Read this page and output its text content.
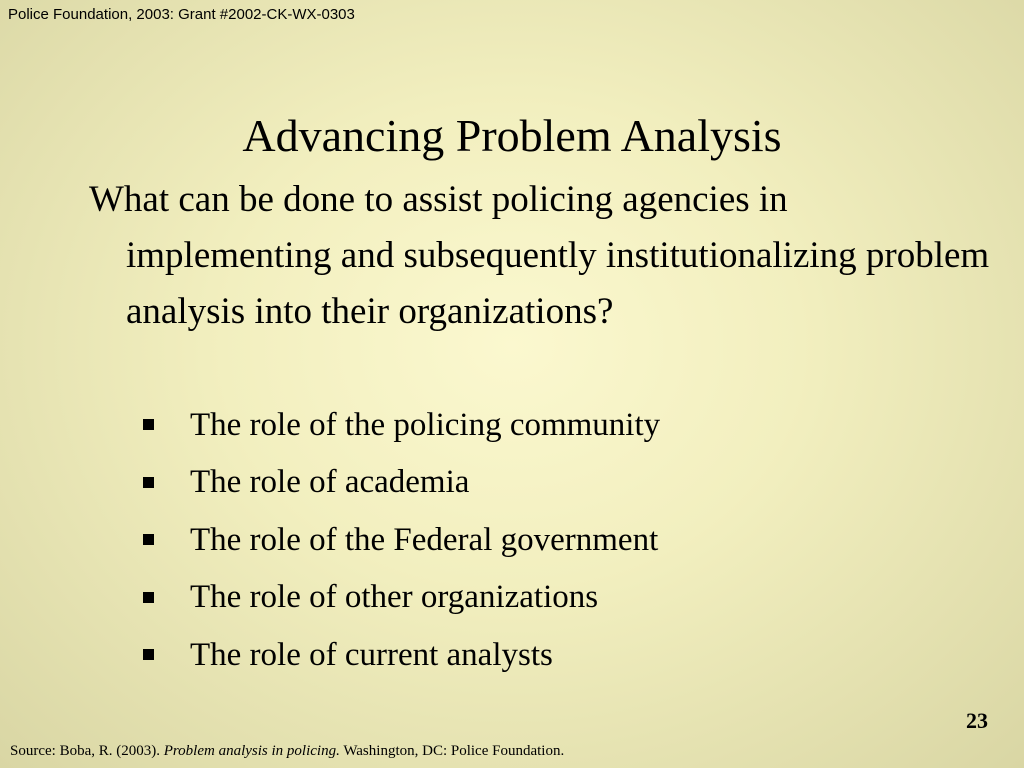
Police Foundation, 2003: Grant #2002-CK-WX-0303
Advancing Problem Analysis
What can be done to assist policing agencies in implementing and subsequently institutionalizing problem analysis into their organizations?
The role of the policing community
The role of academia
The role of the Federal government
The role of other organizations
The role of current analysts
23
Source: Boba, R. (2003). Problem analysis in policing. Washington, DC: Police Foundation.
